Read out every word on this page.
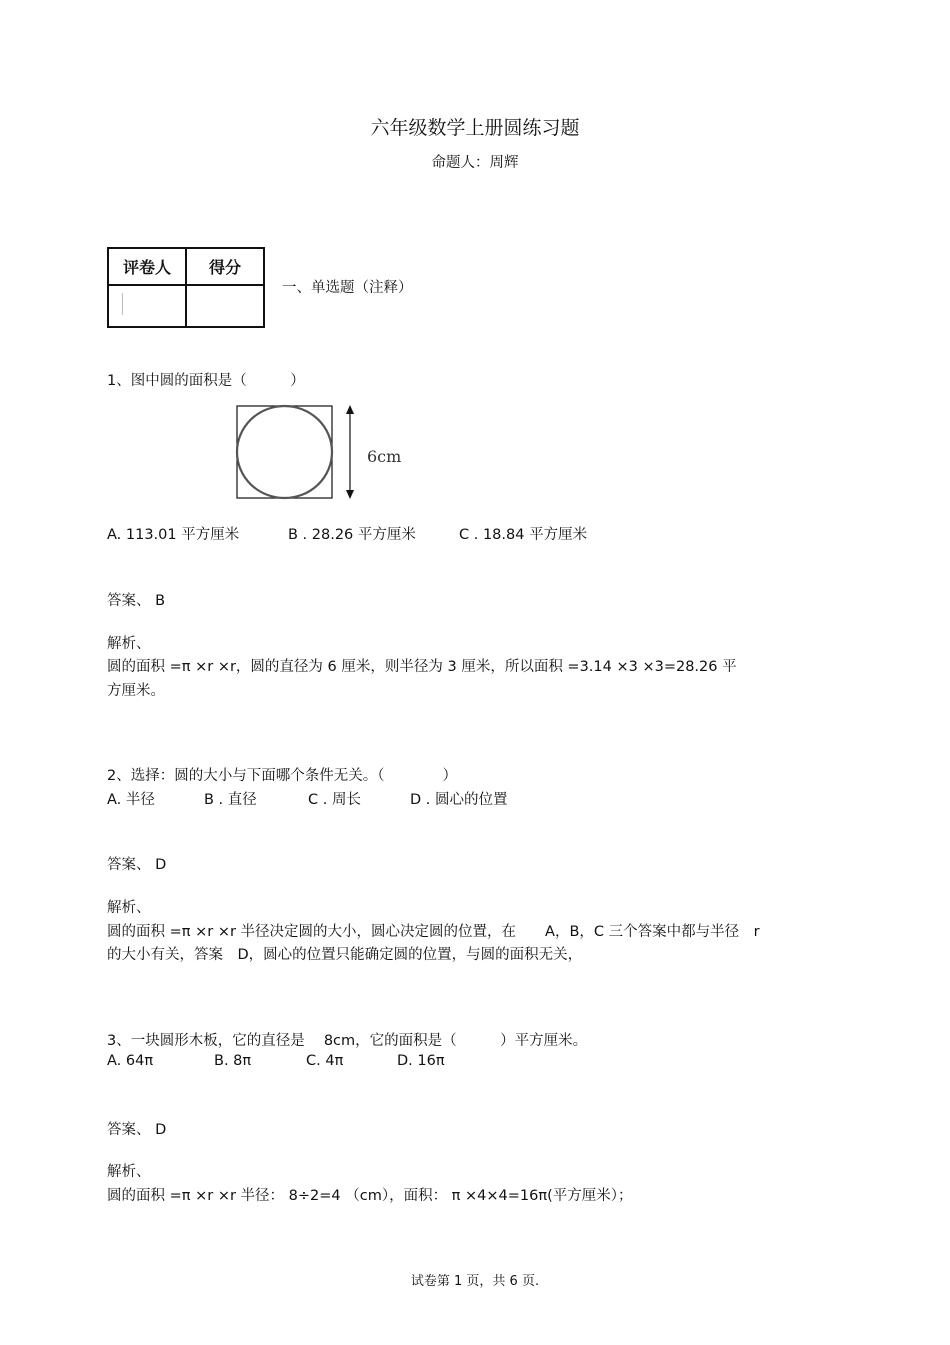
六年级数学上册圆练习题
命题人：周辉
评卷人	得分

一、单选题（注释）
1、图中圆的面积是（　　　）
6cm
A. 113.01 平方厘米	B . 28.26 平方厘米	C . 18.84 平方厘米
答案、 B
解析、
圆的面积 =π ×r ×r，圆的直径为 6 厘米，则半径为 3 厘米，所以面积 =3.14 ×3 ×3=28.26 平
方厘米。
2、选择：圆的大小与下面哪个条件无关。（　　　　）
A. 半径	B . 直径	C . 周长	D . 圆心的位置
答案、 D
解析、
圆的面积 =π ×r ×r 半径决定圆的大小，圆心决定圆的位置，在　　A，B，C 三个答案中都与半径　r
的大小有关，答案　D，圆心的位置只能确定圆的位置，与圆的面积无关，
3、一块圆形木板，它的直径是　 8cm，它的面积是（　　　）平方厘米。
A. 64π	B. 8π	C. 4π	D. 16π
答案、 D
解析、
圆的面积 =π ×r ×r 半径： 8÷2=4 （cm），面积： π ×4×4=16π(平方厘米）；
试卷第 1 页，共 6 页.
